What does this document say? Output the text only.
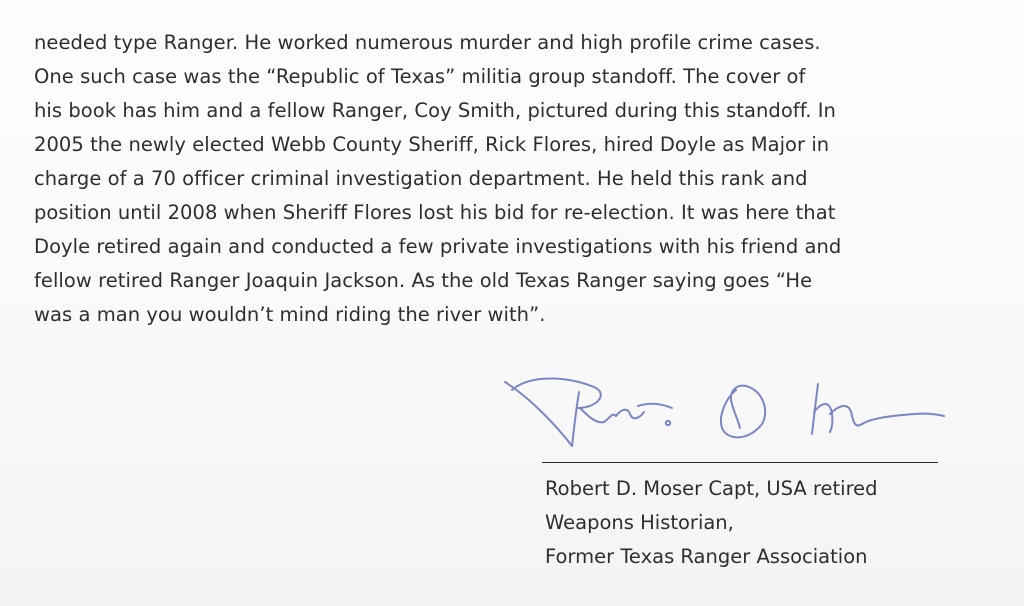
needed type Ranger. He worked numerous murder and high profile crime cases.
One such case was the “Republic of Texas” militia group standoff. The cover of
his book has him and a fellow Ranger, Coy Smith, pictured during this standoff. In
2005 the newly elected Webb County Sheriff, Rick Flores, hired Doyle as Major in
charge of a 70 officer criminal investigation department. He held this rank and
position until 2008 when Sheriff Flores lost his bid for re-election. It was here that
Doyle retired again and conducted a few private investigations with his friend and
fellow retired Ranger Joaquin Jackson. As the old Texas Ranger saying goes “He
was a man you wouldn’t mind riding the river with”.
Robert D. Moser Capt, USA retired
Weapons Historian,
Former Texas Ranger Association
